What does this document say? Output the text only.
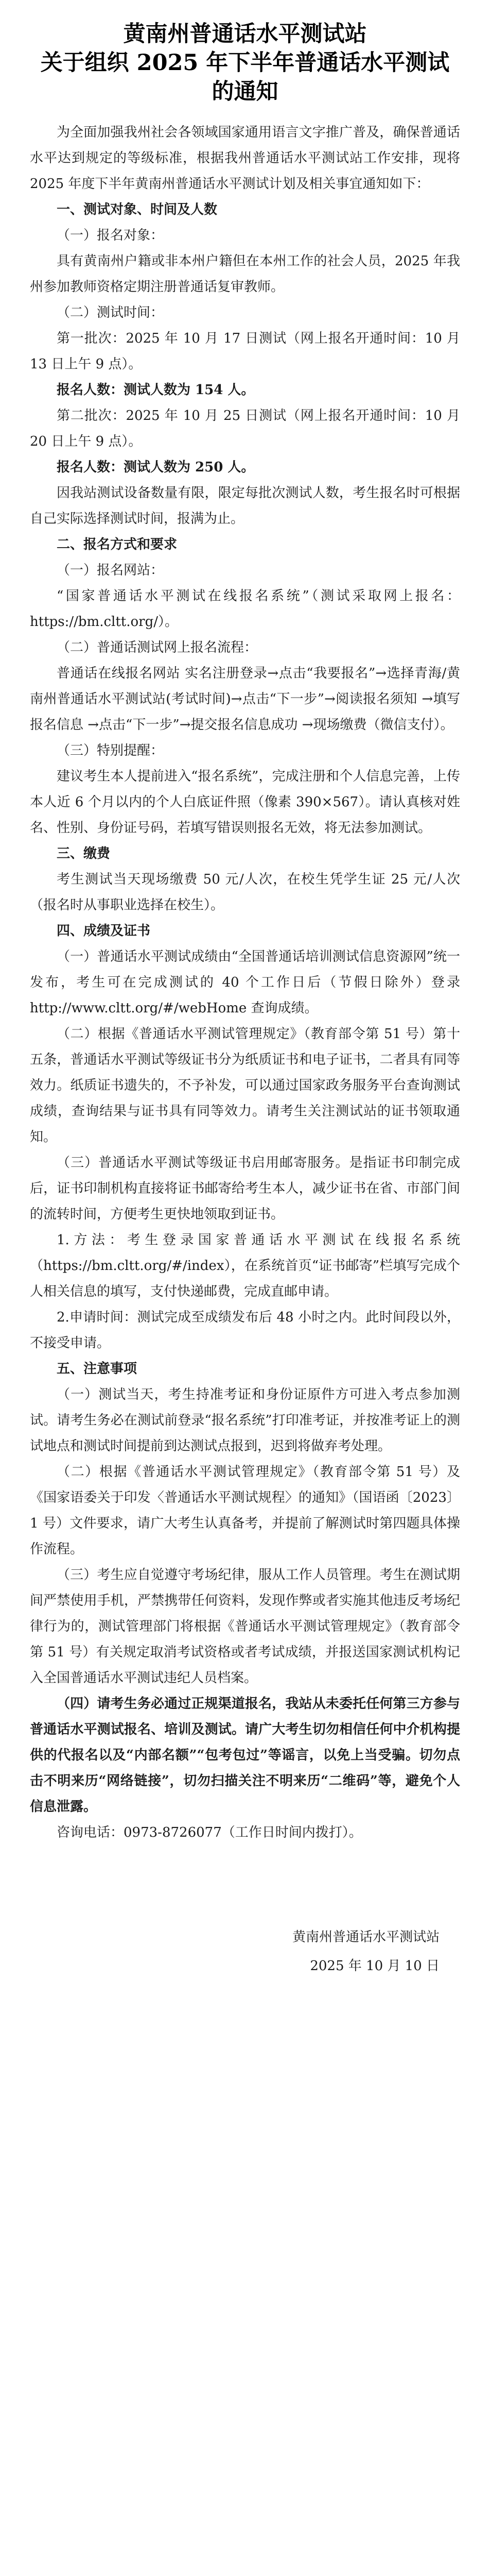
黄南州普通话水平测试站
关于组织 2025 年下半年普通话水平测试
的通知

为全面加强我州社会各领域国家通用语言文字推广普及，确保普通话水平达到规定的等级标准，根据我州普通话水平测试站工作安排，现将 2025 年度下半年黄南州普通话水平测试计划及相关事宜通知如下：

一、测试对象、时间及人数

（一）报名对象：

具有黄南州户籍或非本州户籍但在本州工作的社会人员，2025 年我州参加教师资格定期注册普通话复审教师。

（二）测试时间：

第一批次：2025 年 10 月 17 日测试（网上报名开通时间：10 月 13 日上午 9 点）。

报名人数：测试人数为 154 人。

第二批次：2025 年 10 月 25 日测试（网上报名开通时间：10 月 20 日上午 9 点）。

报名人数：测试人数为 250 人。

因我站测试设备数量有限，限定每批次测试人数，考生报名时可根据自己实际选择测试时间，报满为止。

二、报名方式和要求

（一）报名网站：

“国家普通话水平测试在线报名系统”（测试采取网上报名：https://bm.cltt.org/）。

（二）普通话测试网上报名流程：

普通话在线报名网站 实名注册登录→点击“我要报名”→选择青海/黄南州普通话水平测试站(考试时间)→点击“下一步”→阅读报名须知 →填写报名信息 →点击“下一步”→提交报名信息成功 →现场缴费（微信支付）。

（三）特别提醒：

建议考生本人提前进入“报名系统”，完成注册和个人信息完善，上传本人近 6 个月以内的个人白底证件照（像素 390×567）。请认真核对姓名、性别、身份证号码，若填写错误则报名无效，将无法参加测试。

三、缴费

考生测试当天现场缴费 50 元/人次，在校生凭学生证 25 元/人次（报名时从事职业选择在校生）。

四、成绩及证书

（一）普通话水平测试成绩由“全国普通话培训测试信息资源网”统一发布，考生可在完成测试的 40 个工作日后（节假日除外）登录 http://www.cltt.org/#/webHome 查询成绩。

（二）根据《普通话水平测试管理规定》（教育部令第 51 号）第十五条，普通话水平测试等级证书分为纸质证书和电子证书，二者具有同等效力。纸质证书遗失的，不予补发，可以通过国家政务服务平台查询测试成绩，查询结果与证书具有同等效力。请考生关注测试站的证书领取通知。

（三）普通话水平测试等级证书启用邮寄服务。是指证书印制完成后，证书印制机构直接将证书邮寄给考生本人，减少证书在省、市部门间的流转时间，方便考生更快地领取到证书。

1.方法：考生登录国家普通话水平测试在线报名系统（https://bm.cltt.org/#/index），在系统首页“证书邮寄”栏填写完成个人相关信息的填写，支付快递邮费，完成直邮申请。

2.申请时间：测试完成至成绩发布后 48 小时之内。此时间段以外，不接受申请。

五、注意事项

（一）测试当天，考生持准考证和身份证原件方可进入考点参加测试。请考生务必在测试前登录“报名系统”打印准考证，并按准考证上的测试地点和测试时间提前到达测试点报到，迟到将做弃考处理。

（二）根据《普通话水平测试管理规定》（教育部令第 51 号）及《国家语委关于印发〈普通话水平测试规程〉的通知》（国语函〔2023〕1 号）文件要求，请广大考生认真备考，并提前了解测试时第四题具体操作流程。

（三）考生应自觉遵守考场纪律，服从工作人员管理。考生在测试期间严禁使用手机，严禁携带任何资料，发现作弊或者实施其他违反考场纪律行为的，测试管理部门将根据《普通话水平测试管理规定》（教育部令第 51 号）有关规定取消考试资格或者考试成绩，并报送国家测试机构记入全国普通话水平测试违纪人员档案。

（四）请考生务必通过正规渠道报名，我站从未委托任何第三方参与普通话水平测试报名、培训及测试。请广大考生切勿相信任何中介机构提供的代报名以及“内部名额”“包考包过”等谣言，以免上当受骗。切勿点击不明来历“网络链接”，切勿扫描关注不明来历“二维码”等，避免个人信息泄露。

咨询电话：0973-8726077（工作日时间内拨打）。

黄南州普通话水平测试站
2025 年 10 月 10 日
